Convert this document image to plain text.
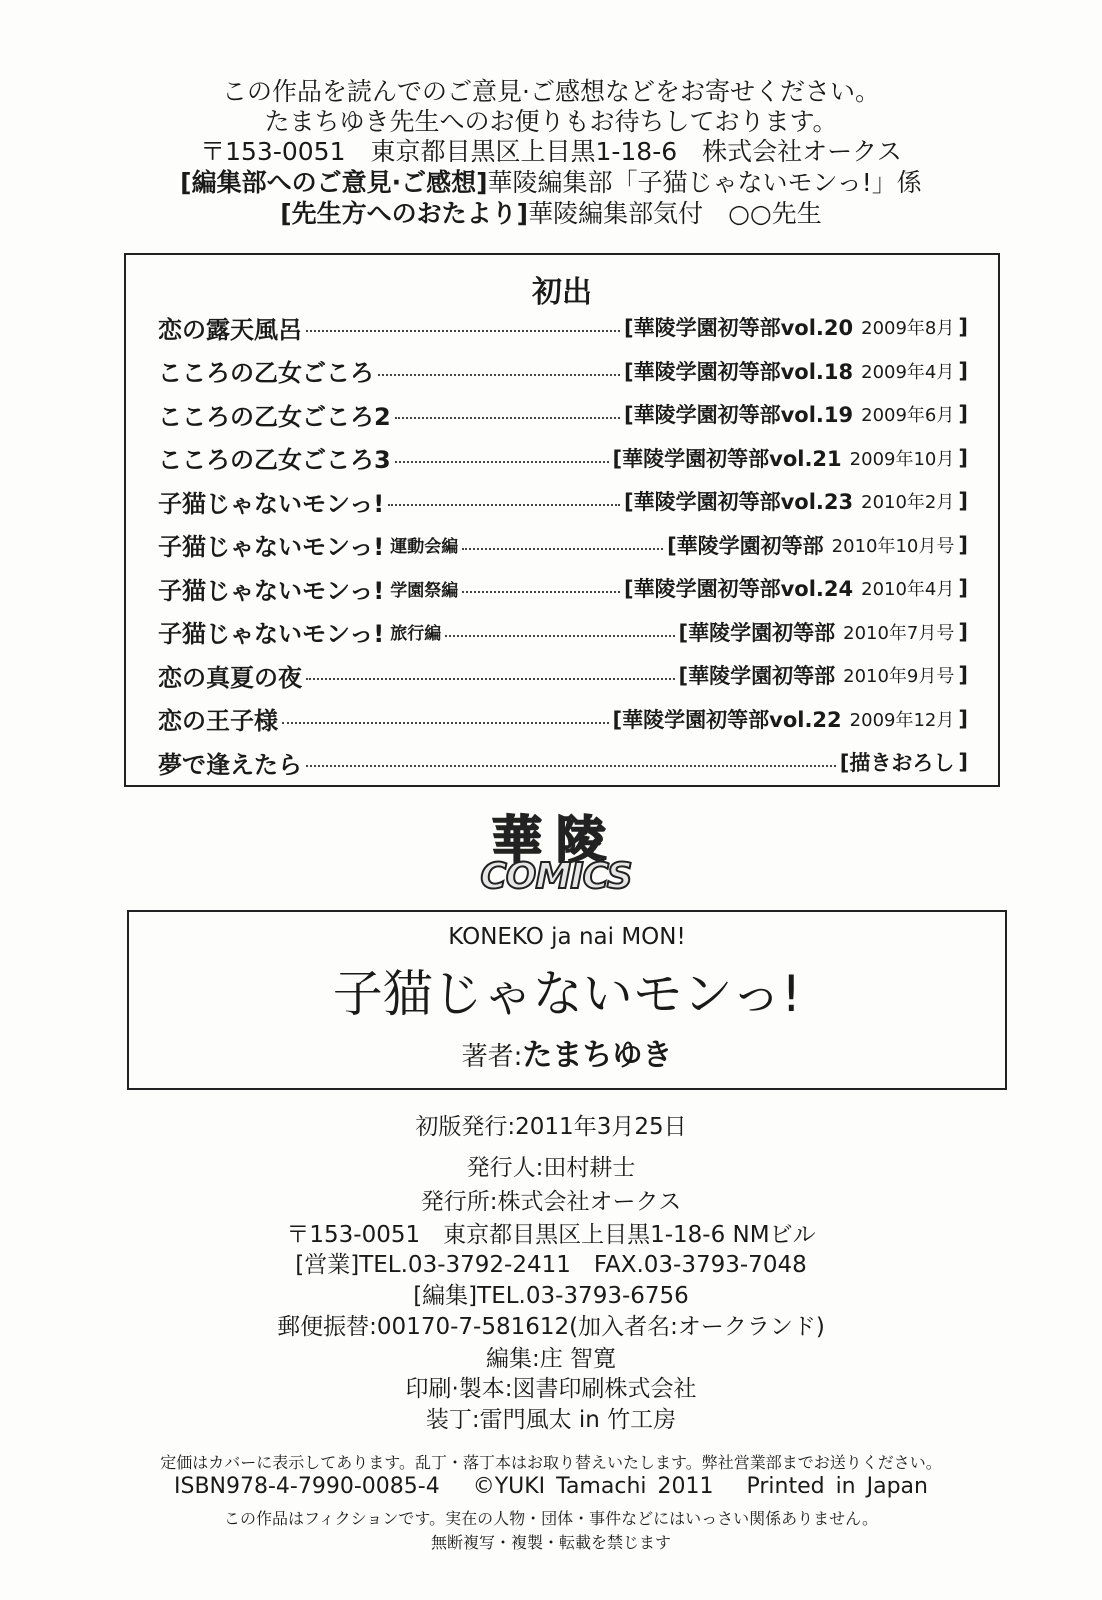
この作品を読んでのご意見·ご感想などをお寄せください。
たまちゆき先生へのお便りもお待ちしております。
〒153-0051　東京都目黒区上目黒1-18-6　株式会社オークス
[編集部へのご意見·ご感想]華陵編集部「子猫じゃないモンっ!」係
[先生方へのおたより]華陵編集部気付　○○先生
初出
恋の露天風呂	[華陵学園初等部vol.20 2009年8月 ]
こころの乙女ごころ	[華陵学園初等部vol.18 2009年4月 ]
こころの乙女ごころ2	[華陵学園初等部vol.19 2009年6月 ]
こころの乙女ごころ3	[華陵学園初等部vol.21 2009年10月 ]
子猫じゃないモンっ!	[華陵学園初等部vol.23 2010年2月 ]
子猫じゃないモンっ! 運動会編	[華陵学園初等部 2010年10月号 ]
子猫じゃないモンっ! 学園祭編	[華陵学園初等部vol.24 2010年4月 ]
子猫じゃないモンっ! 旅行編	[華陵学園初等部 2010年7月号 ]
恋の真夏の夜	[華陵学園初等部 2010年9月号 ]
恋の王子様	[華陵学園初等部vol.22 2009年12月 ]
夢で逢えたら	[描きおろし ]
華陵
COMICS
KONEKO ja nai MON!
子猫じゃないモンっ!
著者:たまちゆき
初版発行:2011年3月25日
発行人:田村耕士
発行所:株式会社オークス
〒153-0051　東京都目黒区上目黒1-18-6 NMビル
[営業]TEL.03-3792-2411　FAX.03-3793-7048
[編集]TEL.03-3793-6756
郵便振替:00170-7-581612(加入者名:オークランド)
編集:庄 智寛
印刷·製本:図書印刷株式会社
装丁:雷門風太 in 竹工房
定価はカバーに表示してあります。乱丁・落丁本はお取り替えいたします。弊社営業部までお送りください。
ISBN978-4-7990-0085-4 ©YUKI Tamachi 2011 Printed in Japan
この作品はフィクションです。実在の人物・団体・事件などにはいっさい関係ありません。
無断複写・複製・転載を禁じます
